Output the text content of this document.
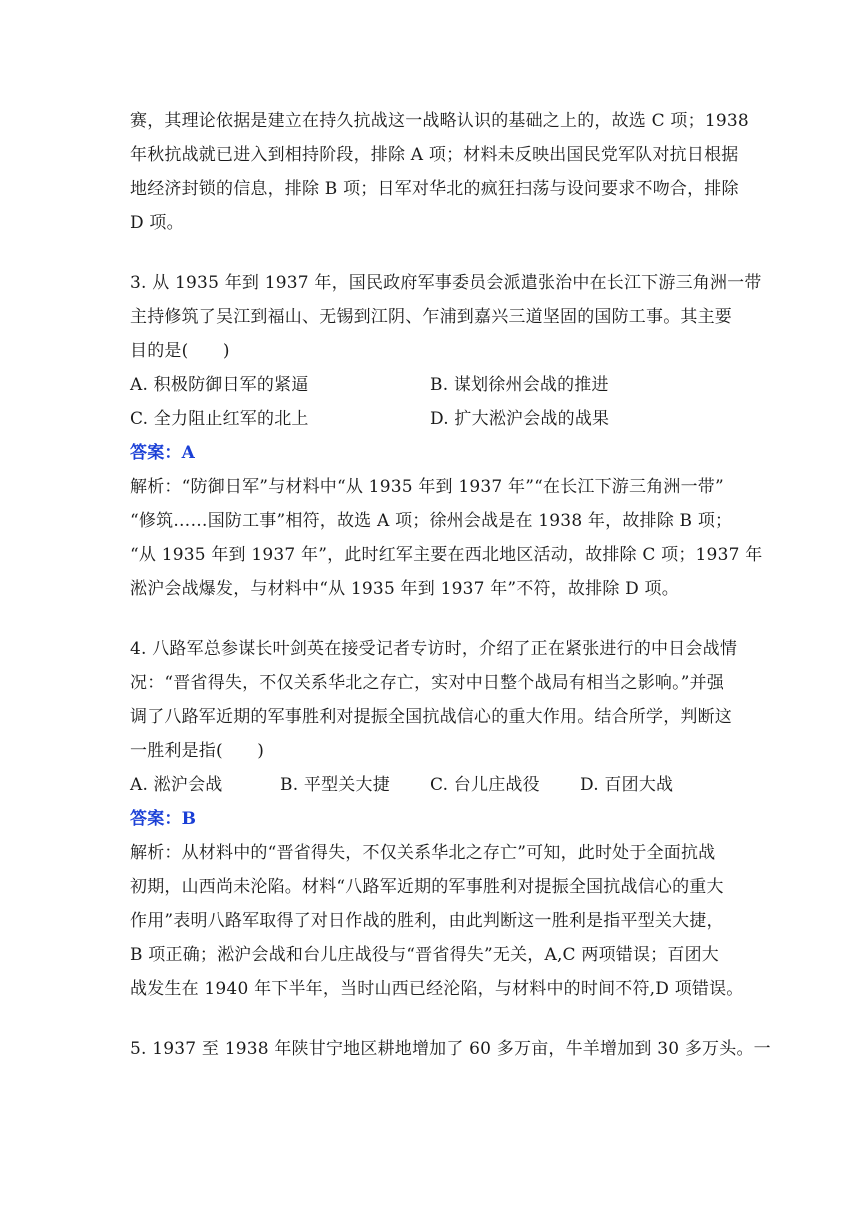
赛，其理论依据是建立在持久抗战这一战略认识的基础之上的，故选 C 项；1938
年秋抗战就已进入到相持阶段，排除 A 项；材料未反映出国民党军队对抗日根据
地经济封锁的信息，排除 B 项；日军对华北的疯狂扫荡与设问要求不吻合，排除
D 项。
3. 从 1935 年到 1937 年，国民政府军事委员会派遣张治中在长江下游三角洲一带
主持修筑了吴江到福山、无锡到江阴、乍浦到嘉兴三道坚固的国防工事。其主要
目的是(　　)
A. 积极防御日军的紧逼	B. 谋划徐州会战的推进
C. 全力阻止红军的北上	D. 扩大淞沪会战的战果
答案：A
解析：“防御日军”与材料中“从 1935 年到 1937 年”“在长江下游三角洲一带”
“修筑……国防工事”相符，故选 A 项；徐州会战是在 1938 年，故排除 B 项；
“从 1935 年到 1937 年”，此时红军主要在西北地区活动，故排除 C 项；1937 年
淞沪会战爆发，与材料中“从 1935 年到 1937 年”不符，故排除 D 项。
4. 八路军总参谋长叶剑英在接受记者专访时，介绍了正在紧张进行的中日会战情
况：“晋省得失，不仅关系华北之存亡，实对中日整个战局有相当之影响。”并强
调了八路军近期的军事胜利对提振全国抗战信心的重大作用。结合所学，判断这
一胜利是指(　　)
A. 淞沪会战	B. 平型关大捷	C. 台儿庄战役	D. 百团大战
答案：B
解析：从材料中的“晋省得失，不仅关系华北之存亡”可知，此时处于全面抗战
初期，山西尚未沦陷。材料“八路军近期的军事胜利对提振全国抗战信心的重大
作用”表明八路军取得了对日作战的胜利，由此判断这一胜利是指平型关大捷，
B 项正确；淞沪会战和台儿庄战役与“晋省得失”无关，A,C 两项错误；百团大
战发生在 1940 年下半年，当时山西已经沦陷，与材料中的时间不符,D 项错误。
5. 1937 至 1938 年陕甘宁地区耕地增加了 60 多万亩，牛羊增加到 30 多万头。一
